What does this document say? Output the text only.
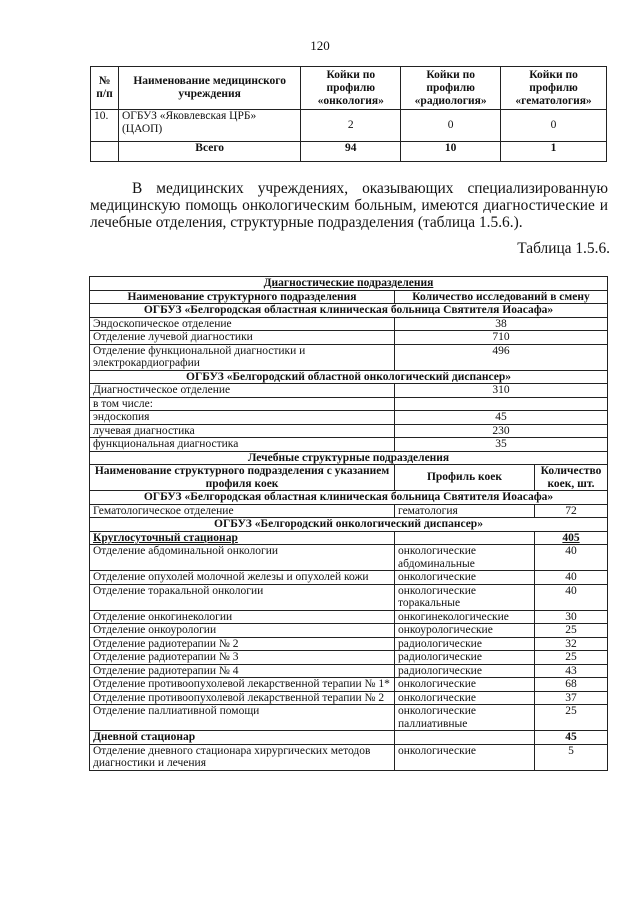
120
№ п/п	Наименование медицинского учреждения	Койки по профилю «онкология»	Койки по профилю «радиология»	Койки по профилю «гематология»
10.	ОГБУЗ «Яковлевская ЦРБ» (ЦАОП)	2	0	0
	Всего	94	10	1

В медицинских учреждениях, оказывающих специализированную медицинскую помощь онкологическим больным, имеются диагностические и лечебные отделения, структурные подразделения (таблица 1.5.6.).

Таблица 1.5.6.
Диагностические подразделения		
Наименование структурного подразделения	Количество исследований в смену	
ОГБУЗ «Белгородская областная клиническая больница Святителя Иоасафа»		
Эндоскопическое отделение	38	
Отделение лучевой диагностики	710	
Отделение функциональной диагностики и электрокардиографии	496	
ОГБУЗ «Белгородский областной онкологический диспансер»		
Диагностическое отделение	310	
в том числе:		
эндоскопия	45	
лучевая диагностика	230	
функциональная диагностика	35	
Лечебные структурные подразделения		
Наименование структурного подразделения с указанием профиля коек	Профиль коек	Количество коек, шт.
ОГБУЗ «Белгородская областная клиническая больница Святителя Иоасафа»		
Гематологическое отделение	гематология	72
ОГБУЗ «Белгородский онкологический диспансер»		
Круглосуточный стационар		405
Отделение абдоминальной онкологии	онкологические абдоминальные	40
Отделение опухолей молочной железы и опухолей кожи	онкологические	40
Отделение торакальной онкологии	онкологические торакальные	40
Отделение онкогинекологии	онкогинекологические	30
Отделение онкоурологии	онкоурологические	25
Отделение радиотерапии № 2	радиологические	32
Отделение радиотерапии № 3	радиологические	25
Отделение радиотерапии № 4	радиологические	43
Отделение противоопухолевой лекарственной терапии № 1*	онкологические	68
Отделение противоопухолевой лекарственной терапии № 2	онкологические	37
Отделение паллиативной помощи	онкологические паллиативные	25
Дневной стационар		45
Отделение дневного стационара хирургических методов диагностики и лечения	онкологические	5
